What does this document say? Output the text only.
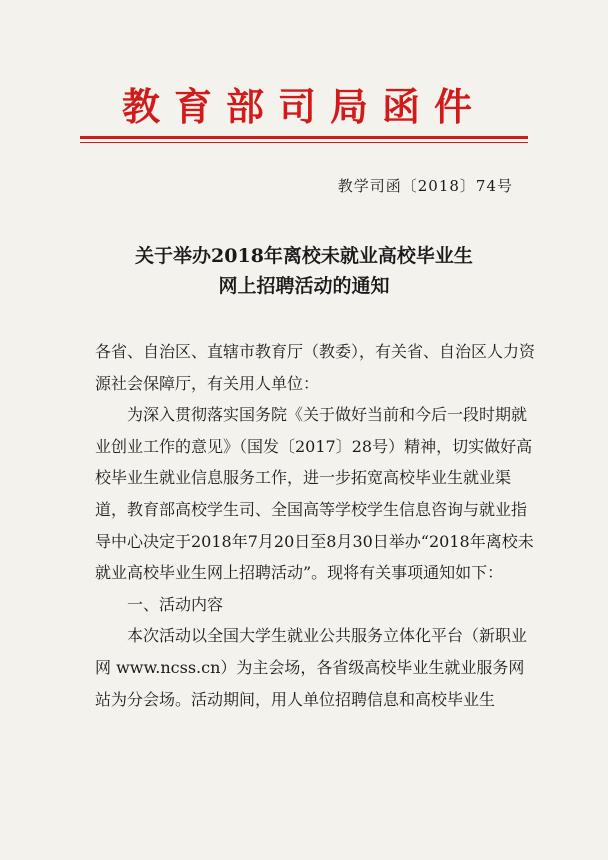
教育部司局函件
教学司函〔2018〕74号
关于举办2018年离校未就业高校毕业生
网上招聘活动的通知

各省、自治区、直辖市教育厅（教委），有关省、自治区人力资源社会保障厅，有关用人单位：

为深入贯彻落实国务院《关于做好当前和今后一段时期就业创业工作的意见》（国发〔2017〕28号）精神，切实做好高校毕业生就业信息服务工作，进一步拓宽高校毕业生就业渠道，教育部高校学生司、全国高等学校学生信息咨询与就业指导中心决定于2018年7月20日至8月30日举办“2018年离校未就业高校毕业生网上招聘活动”。现将有关事项通知如下：

一、活动内容

本次活动以全国大学生就业公共服务立体化平台（新职业网 www.ncss.cn）为主会场，各省级高校毕业生就业服务网站为分会场。活动期间，用人单位招聘信息和高校毕业生
